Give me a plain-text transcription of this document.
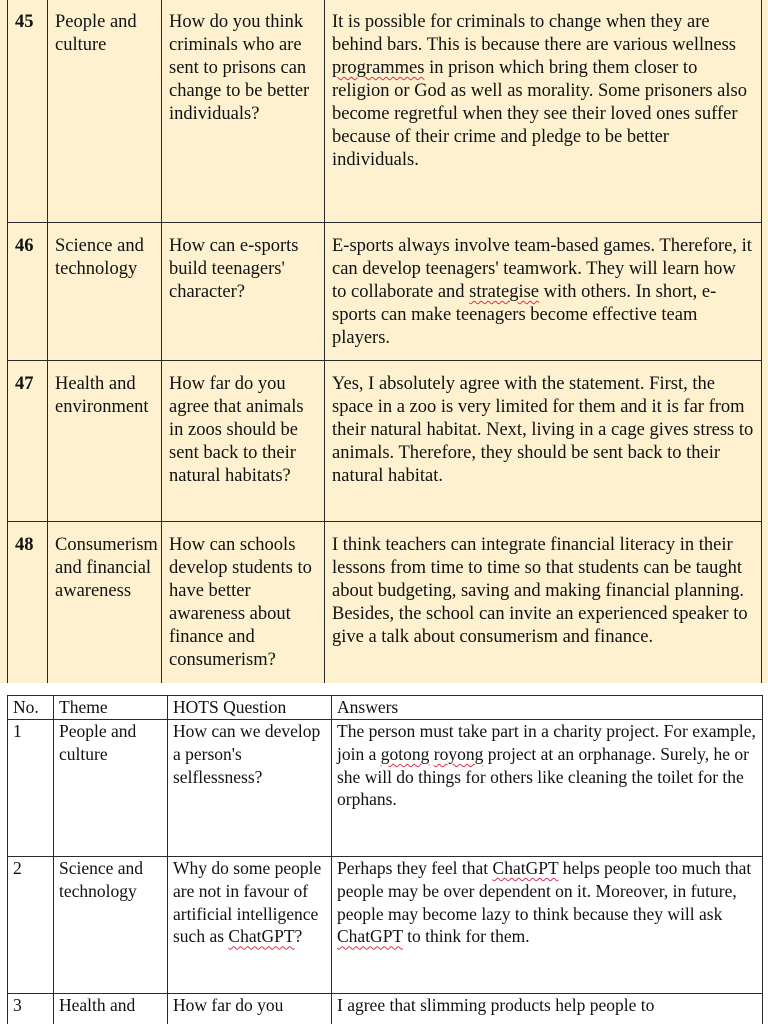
45	People and culture	How do you think criminals who are sent to prisons can change to be better individuals?	It is possible for criminals to change when they are behind bars. This is because there are various wellness programmes in prison which bring them closer to religion or God as well as morality. Some prisoners also become regretful when they see their loved ones suffer because of their crime and pledge to be better individuals.
46	Science and technology	How can e-sports build teenagers' character?	E-sports always involve team-based games. Therefore, it can develop teenagers' teamwork. They will learn how to collaborate and strategise with others. In short, e-sports can make teenagers become effective team players.
47	Health and environment	How far do you agree that animals in zoos should be sent back to their natural habitats?	Yes, I absolutely agree with the statement. First, the space in a zoo is very limited for them and it is far from their natural habitat. Next, living in a cage gives stress to animals. Therefore, they should be sent back to their natural habitat.
48	Consumerism and financial awareness	How can schools develop students to have better awareness about finance and consumerism?	I think teachers can integrate financial literacy in their lessons from time to time so that students can be taught about budgeting, saving and making financial planning. Besides, the school can invite an experienced speaker to give a talk about consumerism and finance.
No.	Theme	HOTS Question	Answers
1	People and culture	How can we develop a person's selflessness?	The person must take part in a charity project. For example, join a gotong royong project at an orphanage. Surely, he or she will do things for others like cleaning the toilet for the orphans.
2	Science and technology	Why do some people are not in favour of artificial intelligence such as ChatGPT?	Perhaps they feel that ChatGPT helps people too much that people may be over dependent on it. Moreover, in future, people may become lazy to think because they will ask ChatGPT to think for them.
3	Health and	How far do you	I agree that slimming products help people to
